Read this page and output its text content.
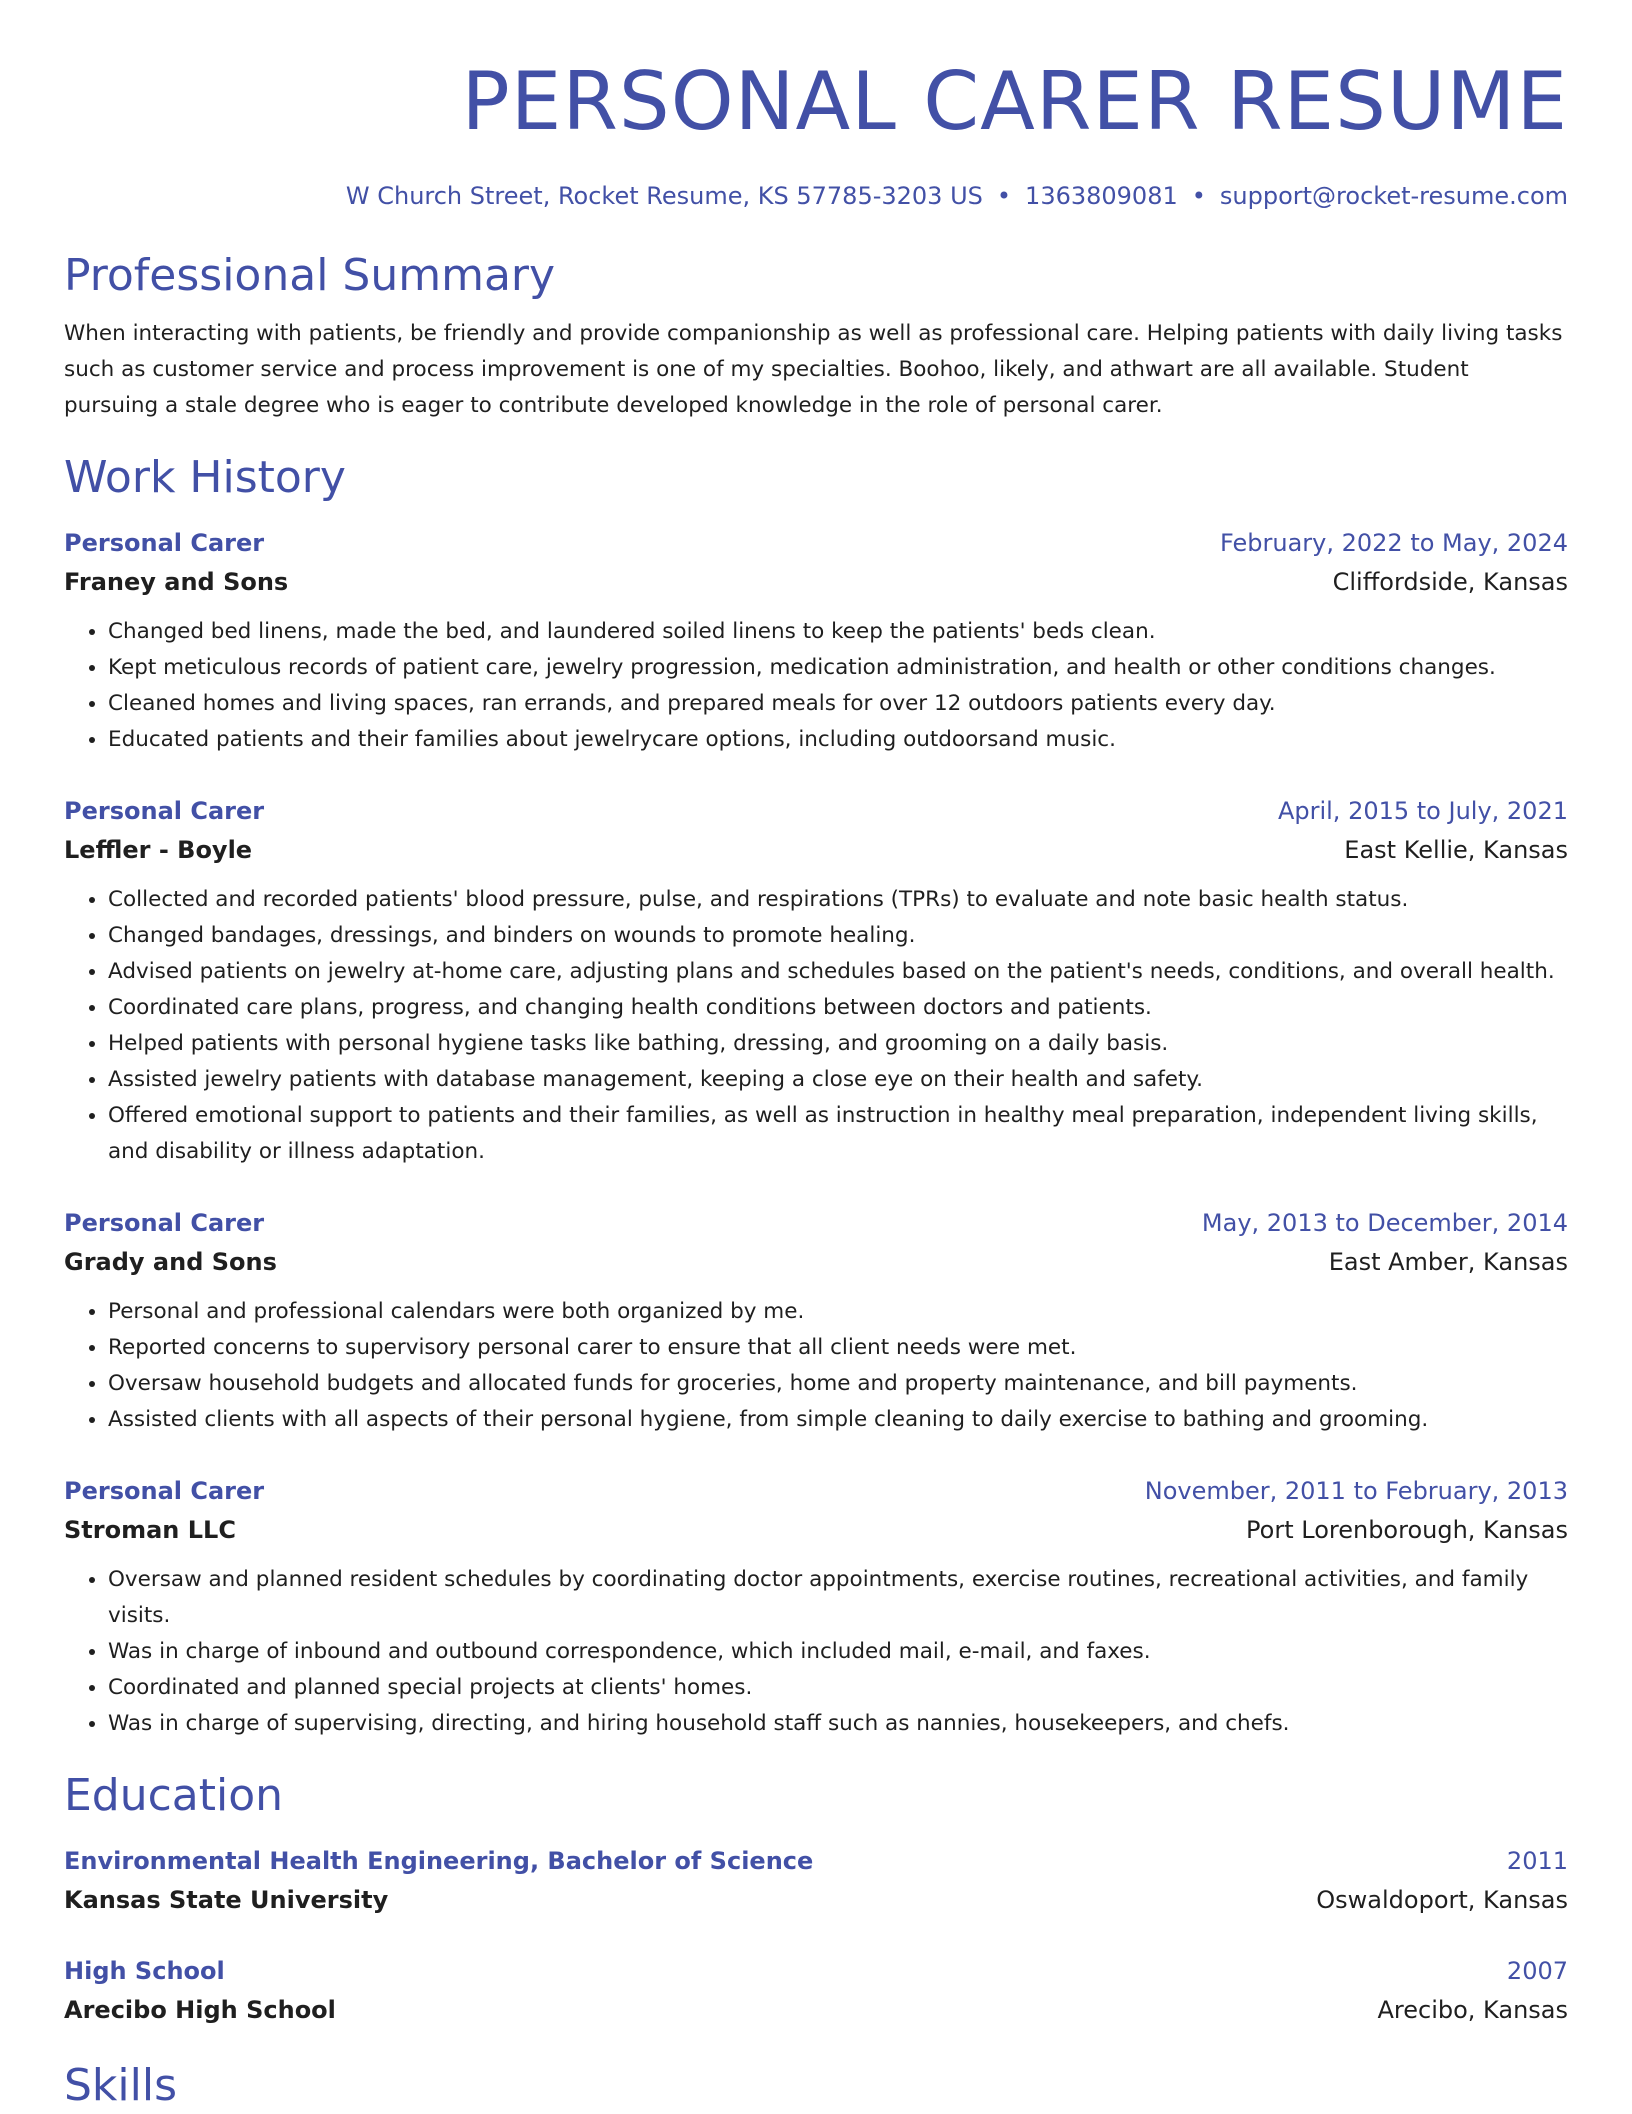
PERSONAL CARER RESUME
W Church Street, Rocket Resume, KS 57785-3203 US • 1363809081 • support@rocket-resume.com
Professional Summary
When interacting with patients, be friendly and provide companionship as well as professional care. Helping patients with daily living tasks such as customer service and process improvement is one of my specialties. Boohoo, likely, and athwart are all available. Student pursuing a stale degree who is eager to contribute developed knowledge in the role of personal carer.
Work History
Personal Carer	February, 2022 to May, 2024
Franey and Sons	Cliffordside, Kansas
• Changed bed linens, made the bed, and laundered soiled linens to keep the patients' beds clean.
• Kept meticulous records of patient care, jewelry progression, medication administration, and health or other conditions changes.
• Cleaned homes and living spaces, ran errands, and prepared meals for over 12 outdoors patients every day.
• Educated patients and their families about jewelrycare options, including outdoorsand music.
Personal Carer	April, 2015 to July, 2021
Leffler - Boyle	East Kellie, Kansas
• Collected and recorded patients' blood pressure, pulse, and respirations (TPRs) to evaluate and note basic health status.
• Changed bandages, dressings, and binders on wounds to promote healing.
• Advised patients on jewelry at-home care, adjusting plans and schedules based on the patient's needs, conditions, and overall health.
• Coordinated care plans, progress, and changing health conditions between doctors and patients.
• Helped patients with personal hygiene tasks like bathing, dressing, and grooming on a daily basis.
• Assisted jewelry patients with database management, keeping a close eye on their health and safety.
• Offered emotional support to patients and their families, as well as instruction in healthy meal preparation, independent living skills, and disability or illness adaptation.
Personal Carer	May, 2013 to December, 2014
Grady and Sons	East Amber, Kansas
• Personal and professional calendars were both organized by me.
• Reported concerns to supervisory personal carer to ensure that all client needs were met.
• Oversaw household budgets and allocated funds for groceries, home and property maintenance, and bill payments.
• Assisted clients with all aspects of their personal hygiene, from simple cleaning to daily exercise to bathing and grooming.
Personal Carer	November, 2011 to February, 2013
Stroman LLC	Port Lorenborough, Kansas
• Oversaw and planned resident schedules by coordinating doctor appointments, exercise routines, recreational activities, and family visits.
• Was in charge of inbound and outbound correspondence, which included mail, e-mail, and faxes.
• Coordinated and planned special projects at clients' homes.
• Was in charge of supervising, directing, and hiring household staff such as nannies, housekeepers, and chefs.
Education
Environmental Health Engineering, Bachelor of Science	2011
Kansas State University	Oswaldoport, Kansas
High School	2007
Arecibo High School	Arecibo, Kansas
Skills
